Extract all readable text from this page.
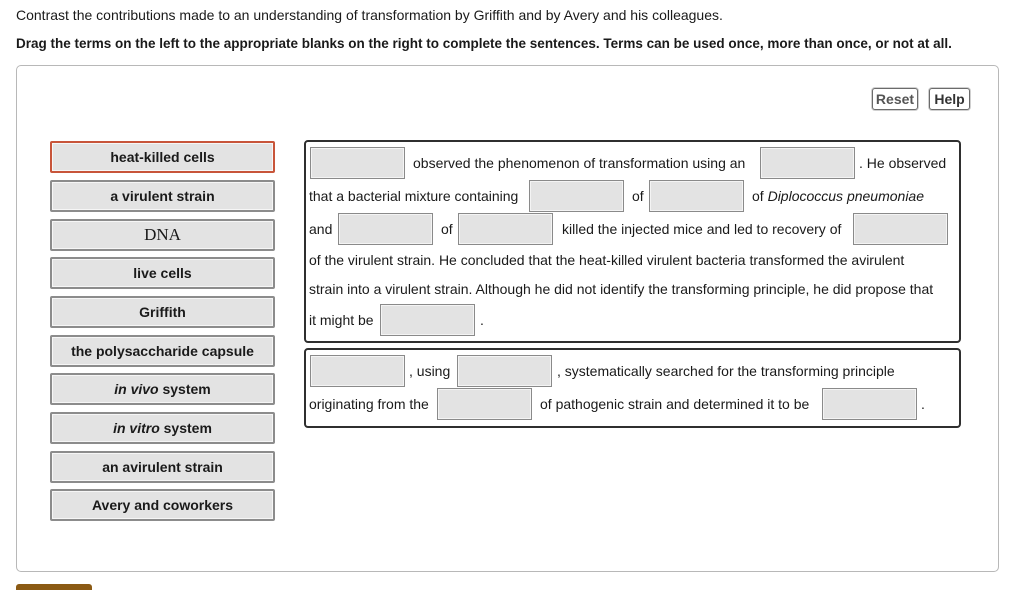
Contrast the contributions made to an understanding of transformation by Griffith and by Avery and his colleagues.
Drag the terms on the left to the appropriate blanks on the right to complete the sentences. Terms can be used once, more than once, or not at all.
Reset	Help
heat-killed cells
a virulent strain
DNA
live cells
Griffith
the polysaccharide capsule
in vivo system
in vitro system
an avirulent strain
Avery and coworkers
observed the phenomenon of transformation using an	. He observed
that a bacterial mixture containing	of	of Diplococcus pneumoniae
and	of	killed the injected mice and led to recovery of
of the virulent strain. He concluded that the heat-killed virulent bacteria transformed the avirulent
strain into a virulent strain. Although he did not identify the transforming principle, he did propose that
it might be	.
, using	, systematically searched for the transforming principle
originating from the	of pathogenic strain and determined it to be	.
